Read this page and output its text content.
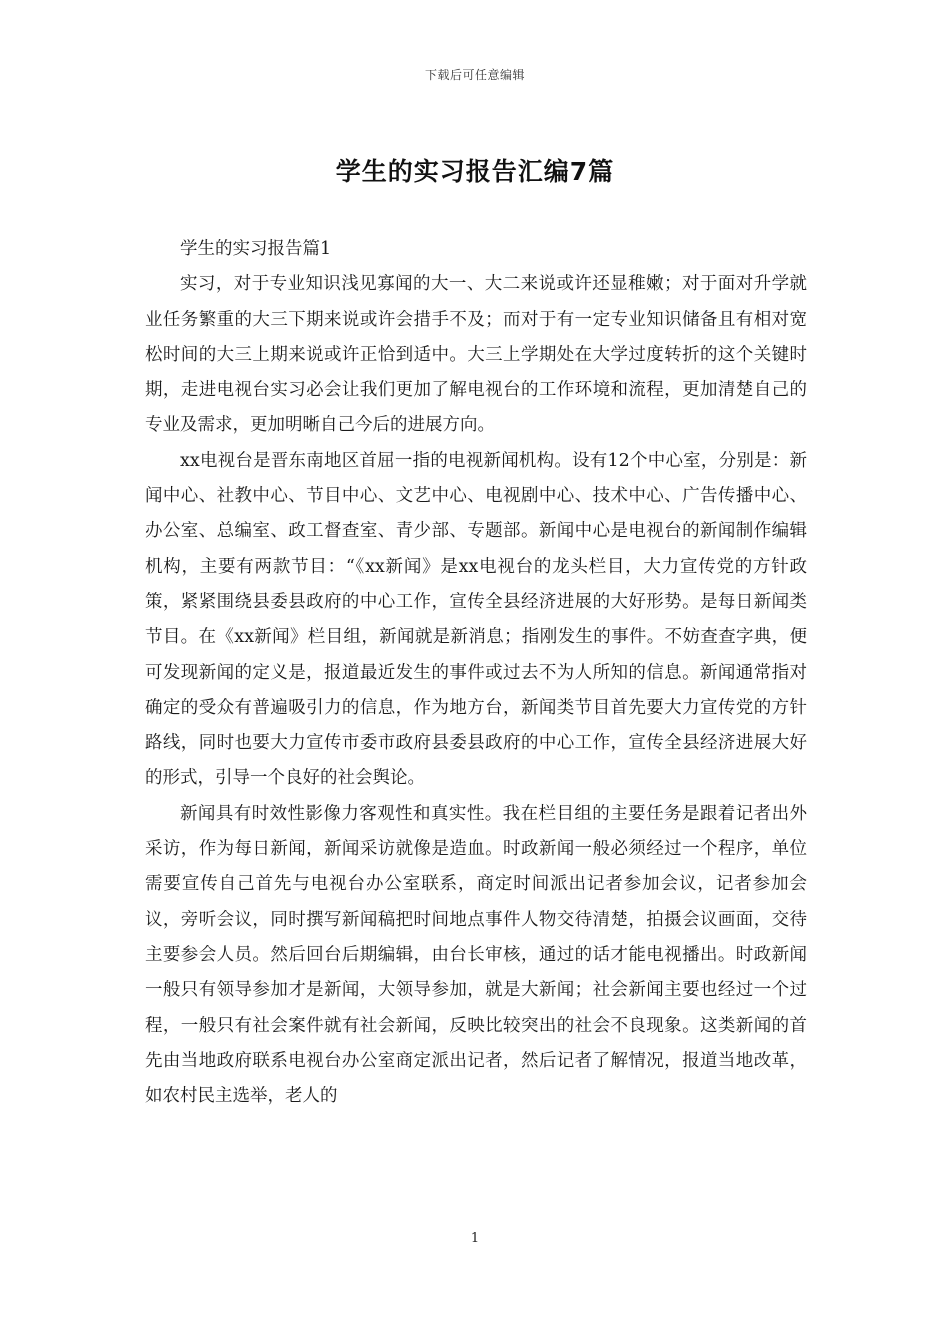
下载后可任意编辑
学生的实习报告汇编7篇

学生的实习报告篇1

实习，对于专业知识浅见寡闻的大一、大二来说或许还显稚嫩；对于面对升学就业任务繁重的大三下期来说或许会措手不及；而对于有一定专业知识储备且有相对宽松时间的大三上期来说或许正恰到适中。大三上学期处在大学过度转折的这个关键时期，走进电视台实习必会让我们更加了解电视台的工作环境和流程，更加清楚自己的专业及需求，更加明晰自己今后的进展方向。

xx电视台是晋东南地区首屈一指的电视新闻机构。设有12个中心室，分别是：新闻中心、社教中心、节目中心、文艺中心、电视剧中心、技术中心、广告传播中心、办公室、总编室、政工督查室、青少部、专题部。新闻中心是电视台的新闻制作编辑机构，主要有两款节目：“《xx新闻》是xx电视台的龙头栏目，大力宣传党的方针政策，紧紧围绕县委县政府的中心工作，宣传全县经济进展的大好形势。是每日新闻类节目。在《xx新闻》栏目组，新闻就是新消息；指刚发生的事件。不妨查查字典，便可发现新闻的定义是，报道最近发生的事件或过去不为人所知的信息。新闻通常指对确定的受众有普遍吸引力的信息，作为地方台，新闻类节目首先要大力宣传党的方针路线，同时也要大力宣传市委市政府县委县政府的中心工作，宣传全县经济进展大好的形式，引导一个良好的社会舆论。

新闻具有时效性影像力客观性和真实性。我在栏目组的主要任务是跟着记者出外采访，作为每日新闻，新闻采访就像是造血。时政新闻一般必须经过一个程序，单位需要宣传自己首先与电视台办公室联系，商定时间派出记者参加会议，记者参加会议，旁听会议，同时撰写新闻稿把时间地点事件人物交待清楚，拍摄会议画面，交待主要参会人员。然后回台后期编辑，由台长审核，通过的话才能电视播出。时政新闻一般只有领导参加才是新闻，大领导参加，就是大新闻；社会新闻主要也经过一个过程，一般只有社会案件就有社会新闻，反映比较突出的社会不良现象。这类新闻的首先由当地政府联系电视台办公室商定派出记者，然后记者了解情况，报道当地改革，如农村民主选举，老人的

1
